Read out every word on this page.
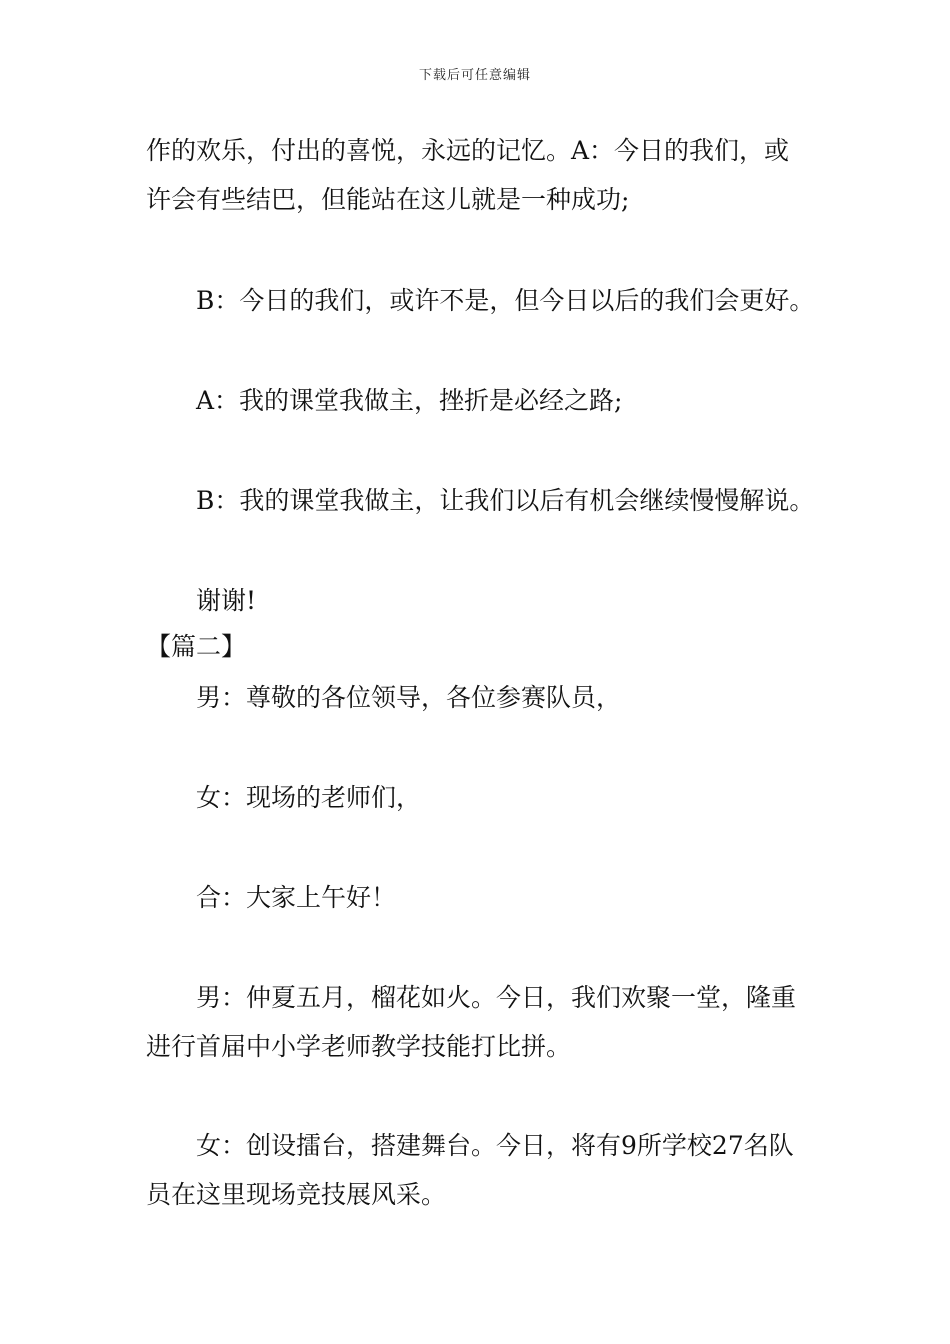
下载后可任意编辑
作的欢乐，付出的喜悦，永远的记忆。A：今日的我们，或许会有些结巴，但能站在这儿就是一种成功;
B：今日的我们，或许不是，但今日以后的我们会更好。
A：我的课堂我做主，挫折是必经之路;
B：我的课堂我做主，让我们以后有机会继续慢慢解说。
谢谢!
【篇二】
男：尊敬的各位领导，各位参赛队员，
女：现场的老师们，
合：大家上午好！
男：仲夏五月，榴花如火。今日，我们欢聚一堂，隆重进行首届中小学老师教学技能打比拼。
女：创设擂台，搭建舞台。今日，将有9所学校27名队员在这里现场竞技展风采。
